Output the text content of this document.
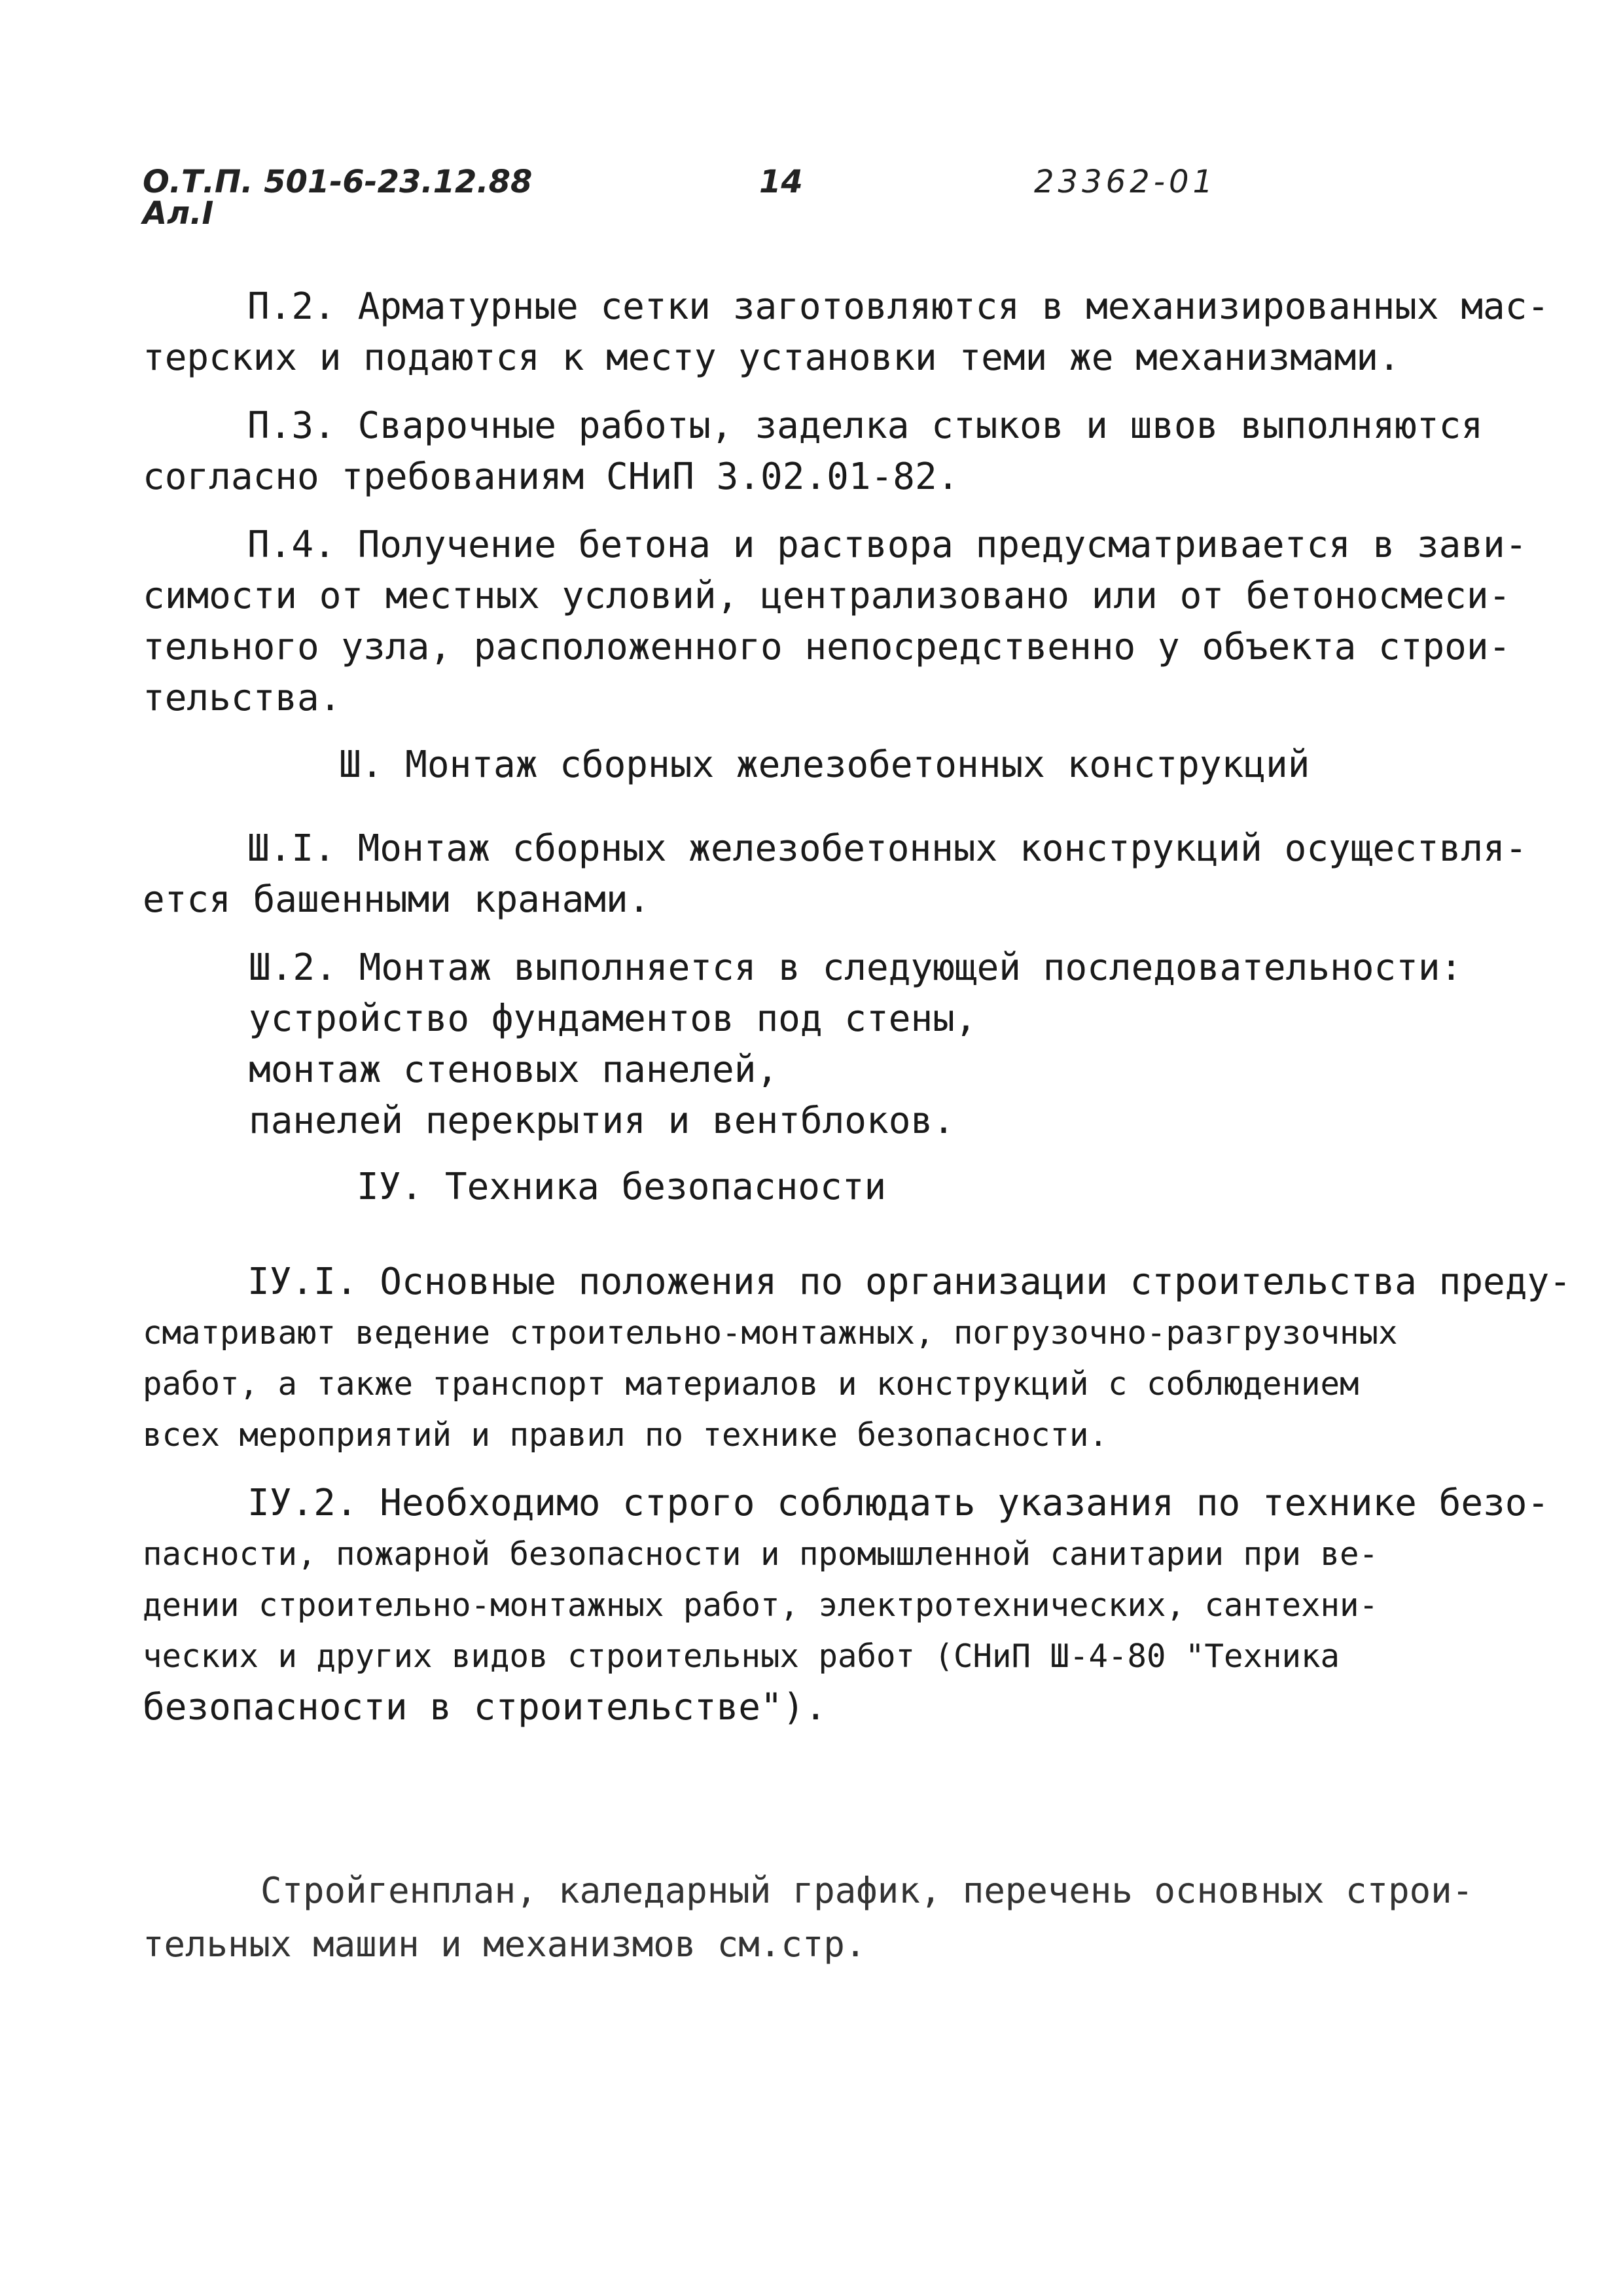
О.Т.П. 501-6-23.12.88
Ал.I
14	23362-01
П.2. Арматурные сетки заготовляются в механизированных мас-
терских и подаются к месту установки теми же механизмами.
П.3. Сварочные работы, заделка стыков и швов выполняются
согласно требованиям СНиП 3.02.01-82.
П.4. Получение бетона и раствора предусматривается в зави-
симости от местных условий, централизовано или от бетоносмеси-
тельного узла, расположенного непосредственно у объекта строи-
тельства.
Ш. Монтаж сборных железобетонных конструкций
Ш.I. Монтаж сборных железобетонных конструкций осуществля-
ется башенными кранами.
Ш.2. Монтаж выполняется в следующей последовательности:
устройство фундаментов под стены,
монтаж стеновых панелей,
панелей перекрытия и вентблоков.
IУ. Техника безопасности
IУ.I. Основные положения по организации строительства преду-
сматривают ведение строительно-монтажных, погрузочно-разгрузочных
работ, а также транспорт материалов и конструкций с соблюдением
всех мероприятий и правил по технике безопасности.
IУ.2. Необходимо строго соблюдать указания по технике безо-
пасности, пожарной безопасности и промышленной санитарии при ве-
дении строительно-монтажных работ, электротехнических, сантехни-
ческих и других видов строительных работ (СНиП Ш-4-80 "Техника
безопасности в строительстве").
Стройгенплан, каледарный график, перечень основных строи-
тельных машин и механизмов см.стр.
